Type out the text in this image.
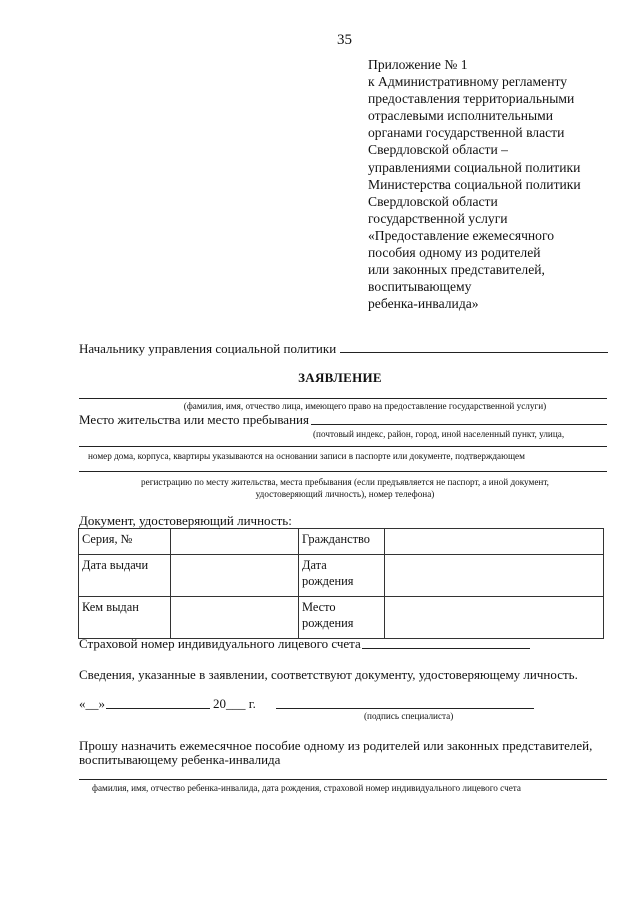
35
Приложение № 1
к Административному регламенту
предоставления территориальными
отраслевыми исполнительными
органами государственной власти
Свердловской области –
управлениями социальной политики
Министерства социальной политики
Свердловской области
государственной услуги
«Предоставление ежемесячного
пособия одному из родителей
или законных представителей,
воспитывающему
ребенка-инвалида»
Начальнику управления социальной политики
ЗАЯВЛЕНИЕ
(фамилия, имя, отчество лица, имеющего право на предоставление государственной услуги)
Место жительства или место пребывания
(почтовый индекс, район, город, иной населенный пункт, улица,
номер дома, корпуса, квартиры указываются на основании записи в паспорте или документе, подтверждающем
регистрацию по месту жительства, места пребывания (если предъявляется не паспорт, а иной документ,
удостоверяющий личность), номер телефона)
Документ, удостоверяющий личность:
Серия, №		Гражданство	
Дата выдачи		Дата
рождения	

Кем выдан		Место
рождения	

Страховой номер индивидуального лицевого счета
Сведения, указанные в заявлении, соответствуют документу, удостоверяющему личность.
«__»	20___ г.
(подпись специалиста)
Прошу назначить ежемесячное пособие одному из родителей или законных представителей,
воспитывающему ребенка-инвалида
фамилия, имя, отчество ребенка-инвалида, дата рождения, страховой номер индивидуального лицевого счета
